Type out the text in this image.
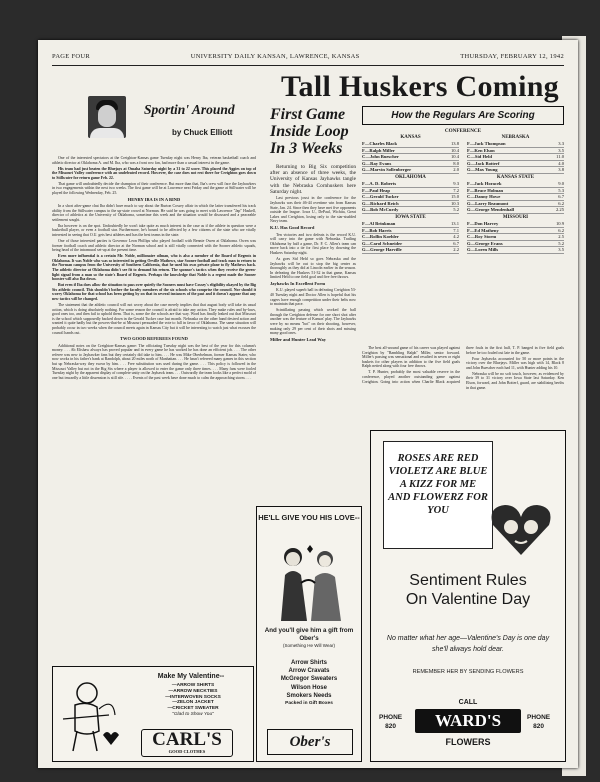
PAGE FOUR	UNIVERSITY DAILY KANSAN, LAWRENCE, KANSAS	THURSDAY, FEBRUARY 12, 1942
Sportin' Around
by Chuck Elliott

One of the interested spectators at the Creighton-Kansas game Tuesday night was Henry Iba, veteran basketball coach and athletic director at Oklahoma A. and M. Iba, who was a front row fan, had more than a casual interest in the game.

His team had just beaten the Bluejays at Omaha Saturday night by a 31 to 22 score. This placed the Aggies on top of the Missouri Valley conference with an undefeated record. However, the case does not rest there for Creighton goes down to Stillwater for return game Feb. 22.

That game will undoubtedly decide the champion of their conference. But more than that, Iba's crew will face the Jayhawkers in two engagements within the next two weeks. The first game will be at Lawrence next Friday and the game at Stillwater will be played the following Wednesday, Feb. 25.

HENRY IBA IS IN A BIND

In a short after-game chat Iba didn't have much to say about the Burton Cossey affair in which the latter transferred his track ability from the Stillwater campus to the up-state crowd at Norman. He said he was going to meet with Lawrence "Jap" Haskell, director of athletics at the University of Oklahoma, sometime this week and the situation would be discussed and a peaceable settlement sought.

Iba however is on the spot. Undoubtedly he won't take quite as much interest in the case as if the athlete in question were a basketball player, or even a football star. Furthermore, he's bound to be affected by a few citizens of the state who are vitally interested in seeing that O.U. gets best athletes and has the best teams in the state.

One of those interested parties is Governor Leon Phillips who played football with Bennie Owen at Oklahoma. Owen was former football coach and athletic director at the Norman school and is still vitally connected with the Sooner athletic squads, being head of the intramural set-up at the present time.

Even more influential is a certain Mr. Noble, millionaire oilman, who is also a member of the Board of Regents in Oklahoma. It was Noble who was so interested in getting Orville Mathews, star Sooner football and track man to return to the Norman campus from the University of Southern California, that he used his own private plane to fly Mathews back. The athletic director at Oklahoma didn't see fit to demand his return. The sponsor's tactics when they receive the green-light signal from a man so the state's Board of Regents. Perhaps the knowledge that Noble is a regent made the Sooner booster will also Iba down.

But even if Iba does allow the situation to pass over quietly the Sooners must have Cossey's eligibility okayed by the Big Six athletic council. This shouldn't bother the faculty members of the six schools who comprise the council. Nor should it worry Oklahoma for that school has been getting by on that in several instances of the past and it doesn't appear that any new tactics will be changed.

The statement that the athletic council will not worry about the case merely implies that that august body will take its usual action, which is doing absolutely nothing. For some reason the council is afraid to take any action. They make rules and by-laws, good ones too, and then fail to uphold them. That is, some the the schools are that way. Word has finally leaked out that Missouri is the school which supposedly backed down in the Gerald Tucker case last month. Nebraska on the other hand desired action and wanted it quite badly but the powers-that-be at Missouri persuaded the vote to fall in favor of Oklahoma. The same situation will probably occur in two weeks when the council meets again in Kansas City but it will be interesting to watch just what excuses the council hands out.

TWO GOOD REFEREES FOUND

Additional notes on the Creighton-Kansas game: The officiating Tuesday night was the best of the year for this column's money. . . . Ab Elishaw always has proved popular and in every game he has worked he has done an efficient job. . . . The other referee was new to Jayhawker fans but they certainly did take to him. . . . He was Mike Oberhelman, former Kansas Stater, who now works in his father's bank at Randolph, about 20 miles north of Manhattan. . . . He hasn't refereed many games in this section but up Nebraska-way they swear by him. . . . Free substitution was used during the game. . . . This policy is followed in the Missouri Valley but not in the Big Six where a player is allowed to enter the game only three times. . . . Many fans were fooled Tuesday night by the apparent display of complete unity on the Jayhawk team. . . . Outwardly the team looks like a perfect mold of one but inwardly a little dissension is still rife. . . . . Events of the past week have done much to calm the approaching storm. . . .

Tall Huskers Coming
First Game Inside Loop In 3 Weeks

Returning to Big Six competition after an absence of three weeks, the University of Kansas Jayhawks tangle with the Nebraska Cornhuskers here Saturday night.

Last previous joust in the conference for the Jayhawks was their 46-44 overtime win from Kansas State, Jan. 24. Since then they have met five opponents outside the league. Iowa U., DePaul, Wichita, Great Lakes and Creighton, losing only to the star-studded Navy team.

K.U. Has Good Record

Ten victories and two defeats is the record K.U. will carry into the game with Nebraska. Trailing Oklahoma by half a game, Dr. F. C. Allen's team can move back into a tie for first place by downing the Huskers Saturday night.

As goes Sid Held so goes Nebraska and the Jayhawks will be out to stop the big center as thoroughly as they did at Lincoln earlier in the season. In defeating the Huskers 51-32 in that game, Kansas limited Held to one field goal and five free throws.

Jayhawks In Excellent Form

K.U. played superb ball in defeating Creighton 53-40 Tuesday night and Doctor Allen is hopeful that his cagers have enough competition under their belts now to maintain that pace.

Scintillating passing which worked the ball through the Creighton defense for one short shot after another was the feature of Kansas' play. The Jayhawks were by no means "hot" on their shooting, however, making only 29 per cent of their shots and missing many good ones.

Miller and Hunter Lead Way

The best all-around game of his career was played against Creighton by "Rambling Ralph" Miller, senior forward. Miller's passing was sensational and resulted in seven or eight baskets for other players in addition to the five field goals Ralph netted along with four free throws.

T. P. Hunter, probably the most valuable reserve in the conference, played another outstanding game against Creighton. Going into action when Charlie Black acquired three fouls in the first half, T. P. banged in five field goals before he too fouled out late in the game.

Four Jayhawks accounted for 50 or more points in the victory over the Bluejays. Miller was high with 14, Black 8 and John Buescher each had 11, with Hunter adding his 10.

Nebraska will be no soft touch, however, as evidenced by their 39 to 31 victory over Iowa State last Saturday. Ken Elson, forward, and John Botterf, guard, are stabilizing berths in that game.

How the Regulars Are Scoring
CONFERENCE
KANSAS
F—Charles Black	13.8
F—Ralph Miller	10.4
C—John Buescher	10.4
G—Ray Evans	8.0
G—Marvin Sollenberger	2.0
NEBRASKA
F—Jack Thompson	3.3
F—Ken Elson	3.5
C—Sid Held	11.0
G—Jack Botterf	4.0
G—Max Young	3.8
OKLAHOMA
F—A. D. Roberts	9.3
F—Paul Heap	7.2
C—Gerald Tucker	15.0
G—Richard Reich	10.3
G—Bob McCurdy	5.2
KANSAS STATE
F—Jack Horacek	9.0
F—Bruce Holman	5.3
C—Danny Howe	6.7
G—Larry Beaumont	6.2
G—George Mendenhall	2.25
IOWA STATE
F—Al Brinkman	13.1
F—Bob Harris	7.1
C—Rollin Koehler	4.2
G—Carol Schneider	6.7
G—George Harville	2.2
MISSOURI
F—Don Harvey	10.9
F—Ed Matheny	6.2
C—Roy Storm	2.5
G—George Evans	5.2
G—Loren Mills	3.5
HE'LL GIVE YOU HIS LOVE--
And you'll give him a gift from Ober's
(Something He Will Wear)
Arrow Shirts
Arrow Cravats
McGregor Sweaters
Wilson Hose
Smokers Needs
Packed in Gift Boxes
Ober's
Make My Valentine--
—ARROW SHIRTS
—ARROW NECKTIES
—INTERWOVEN SOCKS
—ZELON JACKET
—CRICKET SWEATER
"Glad to Show You"
CARL'S
GOOD CLOTHES
ROSES ARE RED
VIOLETZ ARE BLUE
A KIZZ FOR ME
AND FLOWERZ FOR YOU
Sentiment Rules
On Valentine Day
No matter what her age—Valentine's Day is one day she'll always hold dear.
REMEMBER HER BY SENDING FLOWERS
CALL
PHONE
820
PHONE
820
WARD'S
FLOWERS
